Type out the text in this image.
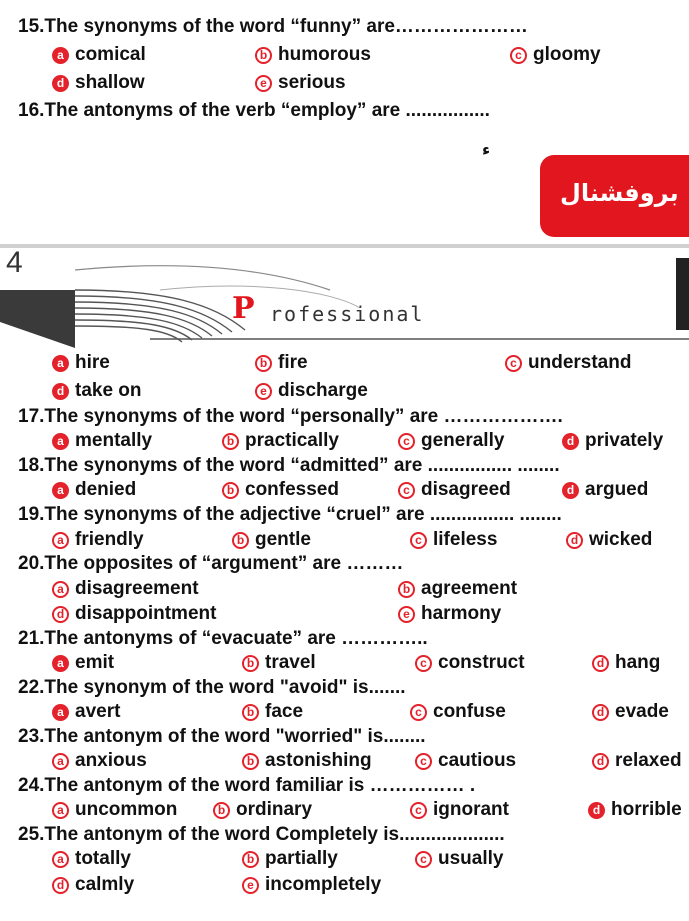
15.The synonyms of the word “funny” are…………………
a comical	b humorous	c gloomy
d shallow	e serious
16.The antonyms of the verb “employ” are ................
ء
بروفشنال
4
P rofessional
a hire	b fire	c understand
d take on	e discharge
17.The synonyms of the word “personally” are ……………….
a mentally	b practically	c generally	d privately
18.The synonyms of the word “admitted” are ................ ........
a denied	b confessed	c disagreed	d argued
19.The synonyms of the adjective “cruel” are ................ ........
a friendly	b gentle	c lifeless	d wicked
20.The opposites of “argument” are ………
a disagreement	b agreement
d disappointment	e harmony
21.The antonyms of “evacuate” are …………..
a emit	b travel	c construct	d hang
22.The synonym of the word "avoid" is.......
a avert	b face	c confuse	d evade
23.The antonym of the word "worried" is........
a anxious	b astonishing	c cautious	d relaxed
24.The antonym of the word familiar is …………… .
a uncommon	b ordinary	c ignorant	d horrible
25.The antonym of the word Completely is....................
a totally	b partially	c usually
d calmly	e incompletely
